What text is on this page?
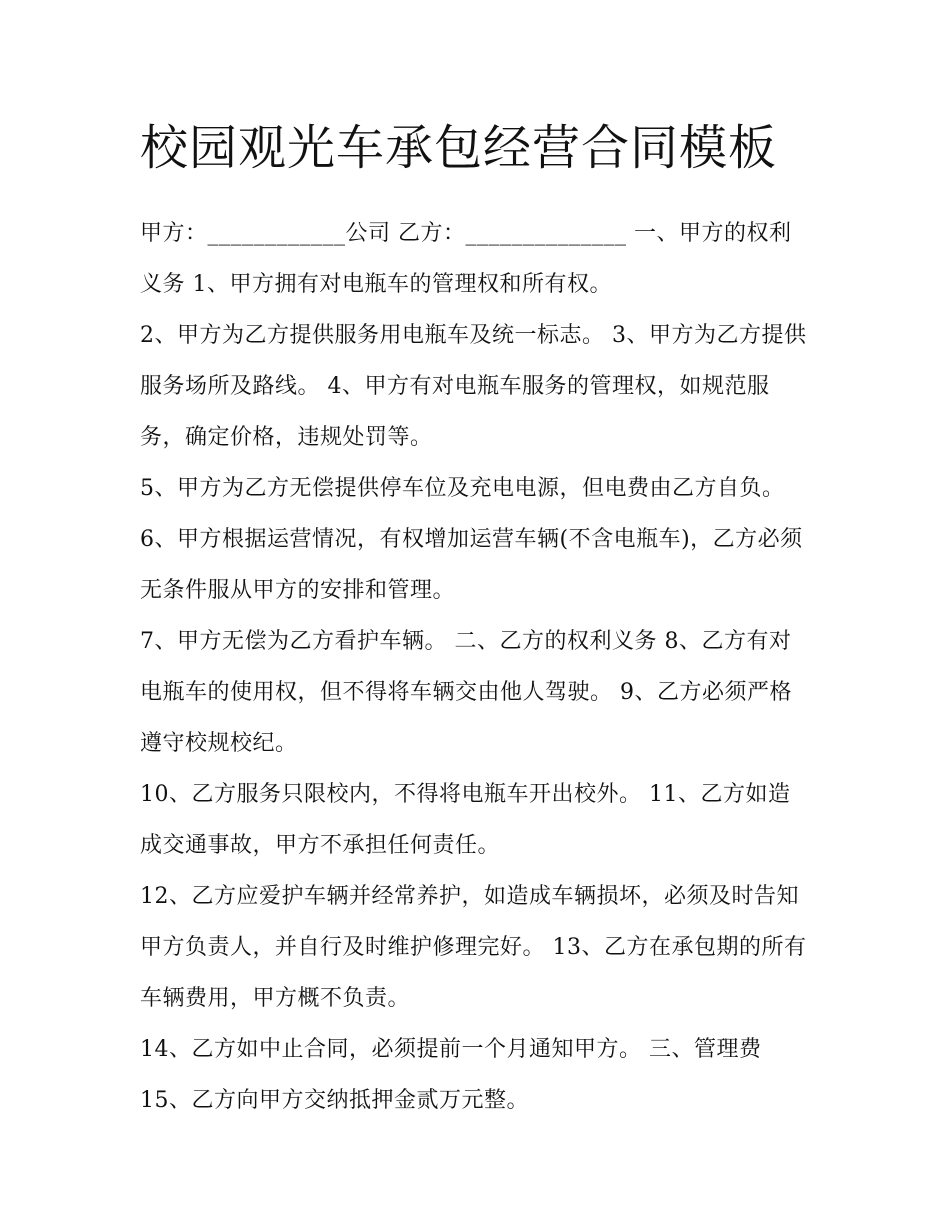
校园观光车承包经营合同模板

甲方：____________公司 乙方：______________ 一、甲方的权利义务 1、甲方拥有对电瓶车的管理权和所有权。

2、甲方为乙方提供服务用电瓶车及统一标志。 3、甲方为乙方提供服务场所及路线。 4、甲方有对电瓶车服务的管理权，如规范服务，确定价格，违规处罚等。

5、甲方为乙方无偿提供停车位及充电电源，但电费由乙方自负。 6、甲方根据运营情况，有权增加运营车辆(不含电瓶车)，乙方必须无条件服从甲方的安排和管理。

7、甲方无偿为乙方看护车辆。 二、乙方的权利义务 8、乙方有对电瓶车的使用权，但不得将车辆交由他人驾驶。 9、乙方必须严格遵守校规校纪。

10、乙方服务只限校内，不得将电瓶车开出校外。 11、乙方如造成交通事故，甲方不承担任何责任。

12、乙方应爱护车辆并经常养护，如造成车辆损坏，必须及时告知甲方负责人，并自行及时维护修理完好。 13、乙方在承包期的所有车辆费用，甲方概不负责。

14、乙方如中止合同，必须提前一个月通知甲方。 三、管理费 15、乙方向甲方交纳抵押金贰万元整。
